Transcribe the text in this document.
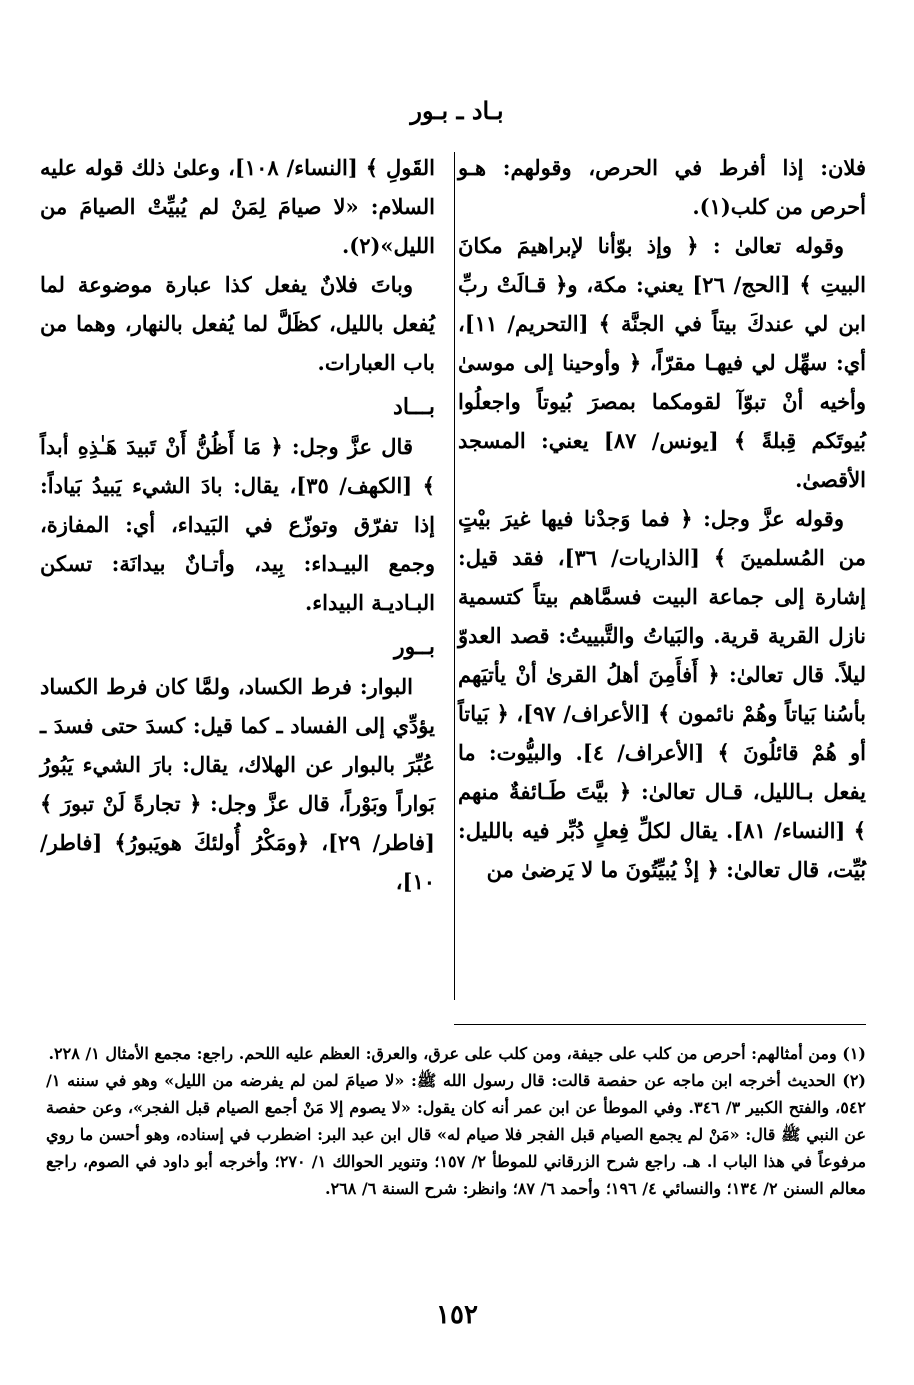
بـاد ـ بـور

فلان: إذا أفرط في الحرص، وقولهم: هـو أحرص من كلب(١).

وقوله تعالىٰ : ﴿ وإذ بوّأنا لإبراهيمَ مكانَ البيتِ ﴾ [الحج/ ٢٦] يعني: مكة، و﴿ قـالَتْ ربِّ ابن لي عندكَ بيتاً في الجنَّة ﴾ [التحريم/ ١١]، أي: سهِّل لي فيهـا مقرّاً، ﴿ وأوحينا إلى موسىٰ وأخيه أنْ تبوّآ لقومكما بمصرَ بُيوتاً واجعلُوا بُيوتَكم قِبلةً ﴾ [يونس/ ٨٧] يعني: المسجد الأقصىٰ.

وقوله عزَّ وجل: ﴿ فما وَجدْنا فيها غيرَ بيْتٍ من المُسلمينَ ﴾ [الذاريات/ ٣٦]، فقد قيل: إشارة إلى جماعة البيت فسمَّاهم بيتاً كتسمية نازل القرية قرية. والبَياتُ والتَّبييتُ: قصد العدوّ ليلاً. قال تعالىٰ: ﴿ أَفأَمِنَ أهلُ القرىٰ أنْ يأتيَهم بأسُنا بَياتاً وهُمْ نائمون ﴾ [الأعراف/ ٩٧]، ﴿ بَياتاً أو هُمْ قائلُونَ ﴾ [الأعراف/ ٤]. والبيُّوت: ما يفعل بـالليل، قـال تعالىٰ: ﴿ بيَّتَ طَـائفةٌ منهم ﴾ [النساء/ ٨١]. يقال لكلِّ فِعلٍ دُبِّر فيه بالليل: بُيِّت، قال تعالىٰ: ﴿ إذْ يُبيِّتُونَ ما لا يَرضىٰ من

القَولِ ﴾ [النساء/ ١٠٨]، وعلىٰ ذلك قوله عليه السلام: «لا صيامَ لِمَنْ لم يُبيِّتْ الصيامَ من الليل»(٢).

وباتَ فلانٌ يفعل كذا عبارة موضوعة لما يُفعل بالليل، كظَلَّ لما يُفعل بالنهار، وهما من باب العبارات.

بـــاد

قال عزَّ وجل: ﴿ مَا أَظُنُّ أَنْ تَبيدَ هَـٰذِهِ أبداً ﴾ [الكهف/ ٣٥]، يقال: بادَ الشيء يَبيدُ بَياداً: إذا تفرّق وتوزّع في البَيداء، أي: المفازة، وجمع البيـداء: بِيد، وأتـانٌ بيدانَة: تسكن البـاديـة البيداء.

بــور

البوار: فرط الكساد، ولمَّا كان فرط الكساد يؤدِّي إلى الفساد ـ كما قيل: كسدَ حتى فسدَ ـ عُبِّرَ بالبوار عن الهلاك، يقال: بارَ الشيء يَبُورُ بَواراً وبَوْراً، قال عزَّ وجل: ﴿ تجارةً لَنْ تبورَ ﴾ [فاطر/ ٢٩]، ﴿ومَكْرُ أُولئكَ هويَبورُ﴾ [فاطر/ ١٠]،

(١) ومن أمثالهم: أحرص من كلب على جيفة، ومن كلب على عرق، والعرق: العظم عليه اللحم. راجع: مجمع الأمثال ١/ ٢٢٨.

(٢) الحديث أخرجه ابن ماجه عن حفصة قالت: قال رسول الله ﷺ: «لا صيامَ لمن لم يفرضه من الليل» وهو في سننه ١/ ٥٤٢، والفتح الكبير ٣/ ٣٤٦. وفي الموطأ عن ابن عمر أنه كان يقول: «لا يصوم إلا مَنْ أجمع الصيام قبل الفجر»، وعن حفصة عن النبي ﷺ قال: «مَنْ لم يجمع الصيام قبل الفجر فلا صيام له» قال ابن عبد البر: اضطرب في إسناده، وهو أحسن ما روي مرفوعاً في هذا الباب ا. هـ. راجع شرح الزرقاني للموطأ ٢/ ١٥٧؛ وتنوير الحوالك ١/ ٢٧٠؛ وأخرجه أبو داود في الصوم، راجع معالم السنن ٢/ ١٣٤؛ والنسائي ٤/ ١٩٦؛ وأحمد ٦/ ٨٧؛ وانظر: شرح السنة ٦/ ٢٦٨.

١٥٢
